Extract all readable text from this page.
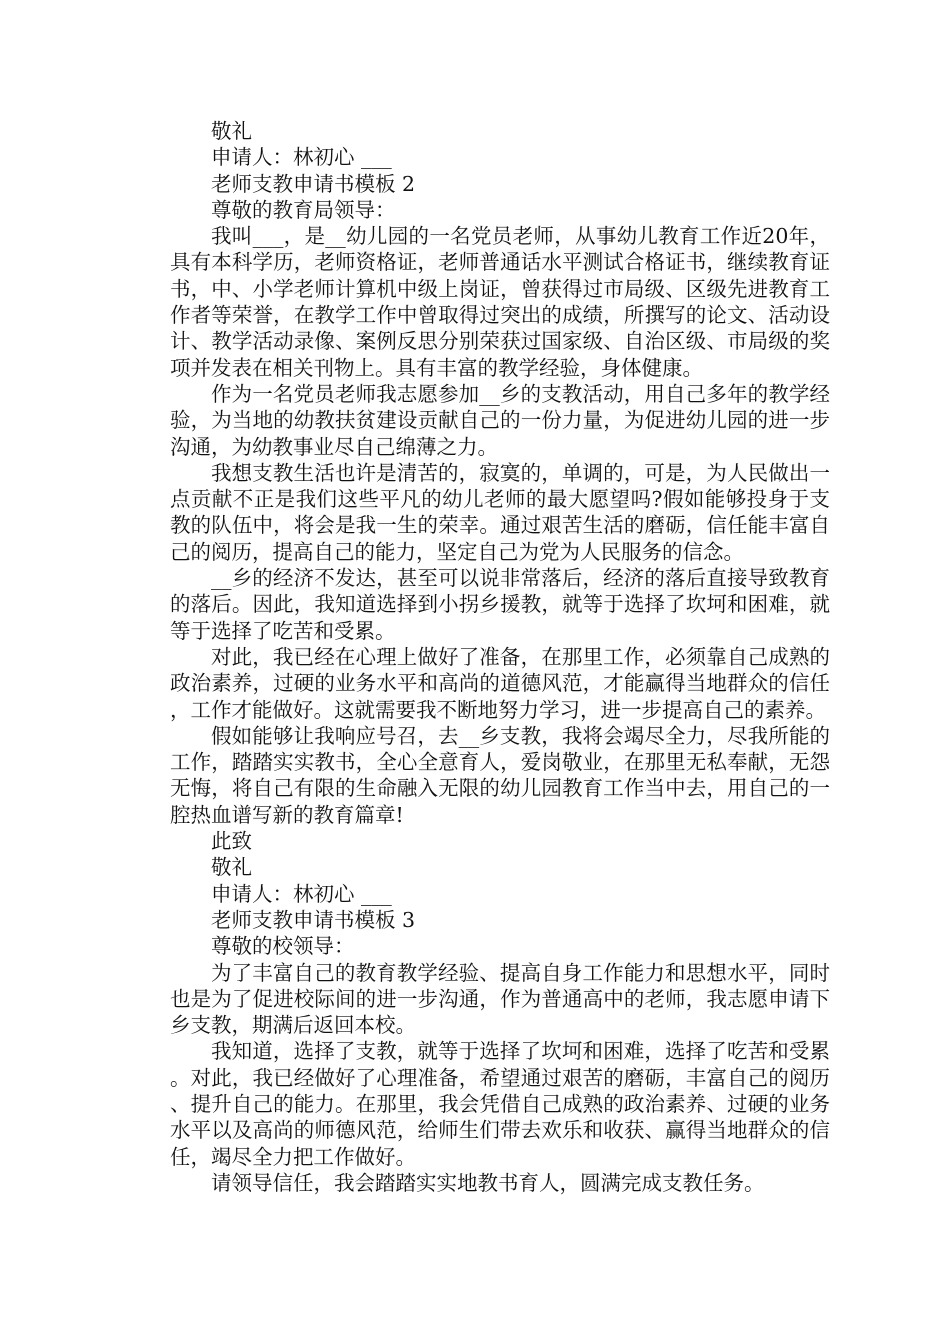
敬礼

申请人：林初心 ___

老师支教申请书模板 2

尊敬的教育局领导：

我叫___，是__幼儿园的一名党员老师，从事幼儿教育工作近20年，具有本科学历，老师资格证，老师普通话水平测试合格证书，继续教育证书，中、小学老师计算机中级上岗证，曾获得过市局级、区级先进教育工作者等荣誉，在教学工作中曾取得过突出的成绩，所撰写的论文、活动设计、教学活动录像、案例反思分别荣获过国家级、自治区级、市局级的奖项并发表在相关刊物上。具有丰富的教学经验，身体健康。

作为一名党员老师我志愿参加__乡的支教活动，用自己多年的教学经验，为当地的幼教扶贫建设贡献自己的一份力量，为促进幼儿园的进一步沟通，为幼教事业尽自己绵薄之力。

我想支教生活也许是清苦的，寂寞的，单调的，可是，为人民做出一点贡献不正是我们这些平凡的幼儿老师的最大愿望吗?假如能够投身于支教的队伍中，将会是我一生的荣幸。通过艰苦生活的磨砺，信任能丰富自己的阅历，提高自己的能力，坚定自己为党为人民服务的信念。

__乡的经济不发达，甚至可以说非常落后，经济的落后直接导致教育的落后。因此，我知道选择到小拐乡援教，就等于选择了坎坷和困难，就等于选择了吃苦和受累。

对此，我已经在心理上做好了准备，在那里工作，必须靠自己成熟的政治素养，过硬的业务水平和高尚的道德风范，才能赢得当地群众的信任，工作才能做好。这就需要我不断地努力学习，进一步提高自己的素养。

假如能够让我响应号召，去__乡支教，我将会竭尽全力，尽我所能的工作，踏踏实实教书，全心全意育人，爱岗敬业，在那里无私奉献，无怨无悔，将自己有限的生命融入无限的幼儿园教育工作当中去，用自己的一腔热血谱写新的教育篇章!

此致

敬礼

申请人：林初心 ___

老师支教申请书模板 3

尊敬的校领导：

为了丰富自己的教育教学经验、提高自身工作能力和思想水平，同时也是为了促进校际间的进一步沟通，作为普通高中的老师，我志愿申请下乡支教，期满后返回本校。

我知道，选择了支教，就等于选择了坎坷和困难，选择了吃苦和受累。对此，我已经做好了心理准备，希望通过艰苦的磨砺，丰富自己的阅历、提升自己的能力。在那里，我会凭借自己成熟的政治素养、过硬的业务水平以及高尚的师德风范，给师生们带去欢乐和收获、赢得当地群众的信任，竭尽全力把工作做好。

请领导信任，我会踏踏实实地教书育人，圆满完成支教任务。
